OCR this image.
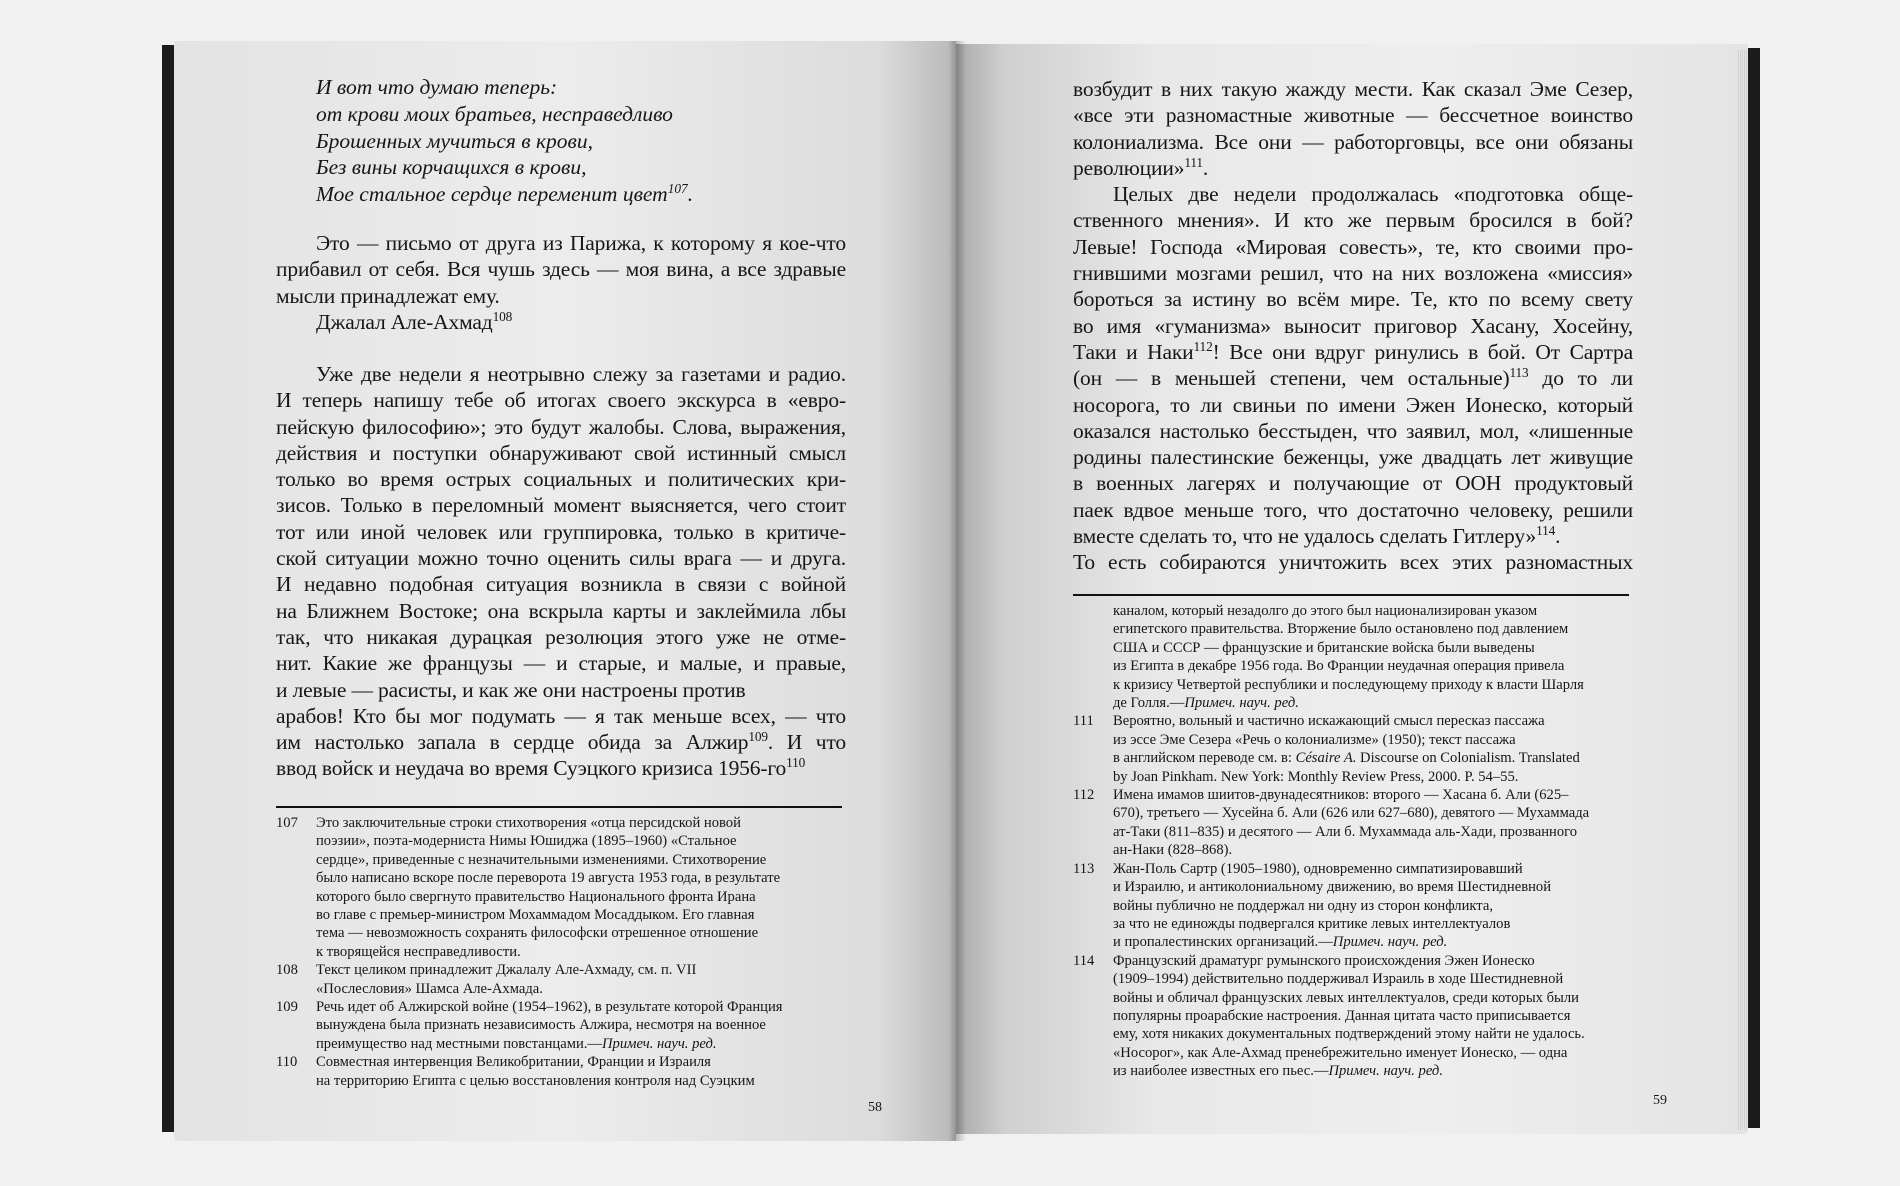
И вот что думаю теперь:
от крови моих братьев, несправедливо
Брошенных мучиться в крови,
Без вины корчащихся в крови,
Мое стальное сердце переменит цвет$^{107}$.

Это — письмо от друга из Парижа, к которому я кое-что

прибавил от себя. Вся чушь здесь — моя вина, а все здравые

мысли принадлежат ему.

Джалал Але-Ахмад$^{108}$

Уже две недели я неотрывно слежу за газетами и радио.

И теперь напишу тебе об итогах своего экскурса в «евро-

пейскую философию»; это будут жалобы. Слова, выражения,

действия и поступки обнаруживают свой истинный смысл

только во время острых социальных и политических кри-

зисов. Только в переломный момент выясняется, чего стоит

тот или иной человек или группировка, только в критиче-

ской ситуации можно точно оценить силы врага — и друга.

И недавно подобная ситуация возникла в связи с войной

на Ближнем Востоке; она вскрыла карты и заклеймила лбы

так, что никакая дурацкая резолюция этого уже не отме-

нит. Какие же французы — и старые, и малые, и правые,

и левые — расисты, и как же они настроены против

арабов! Кто бы мог подумать — я так меньше всех, — что

им настолько запала в сердце обида за Алжир$^{109}$. И что

ввод войск и неудача во время Суэцкого кризиса $1956-го^{110}$

107	Это заключительные строки стихотворения «отца персидской новой
поэзии», поэта-модерниста Нимы Юшиджа (1895–1960) «Стальное
сердце», приведенные с незначительными изменениями. Стихотворение
было написано вскоре после переворота 19 августа 1953 года, в результате
которого было свергнуто правительство Национального фронта Ирана
во главе с премьер-министром Мохаммадом Мосаддыком. Его главная
тема — невозможность сохранять философски отрешенное отношение
к творящейся несправедливости.
108	Текст целиком принадлежит Джалалу Але-Ахмаду, см. п. VII
«Послесловия» Шамса Але-Ахмада.
109	Речь идет об Алжирской войне (1954–1962), в результате которой Франция
вынуждена была признать независимость Алжира, несмотря на военное
преимущество над местными повстанцами.—Примеч. науч. ред.
110	Совместная интервенция Великобритании, Франции и Израиля
на территорию Египта с целью восстановления контроля над Суэцким
58

возбудит в них такую жажду мести. Как сказал Эме Сезер,

«все эти разномастные животные — бессчетное воинство

колониализма. Все они — работорговцы, все они обязаны

революции»$^{111}$.

Целых две недели продолжалась «подготовка обще-

ственного мнения». И кто же первым бросился в бой?

Левые! Господа «Мировая совесть», те, кто своими про-

гнившими мозгами решил, что на них возложена «миссия»

бороться за истину во всём мире. Те, кто по всему свету

во имя «гуманизма» выносит приговор Хасану, Хосейну,

Таки и Наки$^{112}$! Все они вдруг ринулись в бой. От Сартра

(он — в меньшей степени, чем остальные)$^{113}$ до то ли

носорога, то ли свиньи по имени Эжен Ионеско, который

оказался настолько бесстыден, что заявил, мол, «лишенные

родины палестинские беженцы, уже двадцать лет живущие

в военных лагерях и получающие от ООН продуктовый

паек вдвое меньше того, что достаточно человеку, решили

вместе сделать то, что не удалось сделать Гитлеру»$^{114}$.

То есть собираются уничтожить всех этих разномастных

каналом, который незадолго до этого был национализирован указом
египетского правительства. Вторжение было остановлено под давлением
США и СССР — французские и британские войска были выведены
из Египта в декабре 1956 года. Во Франции неудачная операция привела
к кризису Четвертой республики и последующему приходу к власти Шарля
де Голля.—Примеч. науч. ред.
111	Вероятно, вольный и частично искажающий смысл пересказ пассажа
из эссе Эме Сезера «Речь о колониализме» (1950); текст пассажа
в английском переводе см. в: Césaire A. Discourse on Colonialism. Translated
by Joan Pinkham. New York: Monthly Review Press, 2000. P. 54–55.
112	Имена имамов шиитов-двунадесятников: второго — Хасана б. Али (625–
670), третьего — Хусейна б. Али (626 или 627–680), девятого — Мухаммада
ат-Таки (811–835) и десятого — Али б. Мухаммада аль-Хади, прозванного
ан-Наки (828–868).
113	Жан-Поль Сартр (1905–1980), одновременно симпатизировавший
и Израилю, и антиколониальному движению, во время Шестидневной
войны публично не поддержал ни одну из сторон конфликта,
за что не единожды подвергался критике левых интеллектуалов
и пропалестинских организаций.—Примеч. науч. ред.
114	Французский драматург румынского происхождения Эжен Ионеско
(1909–1994) действительно поддерживал Израиль в ходе Шестидневной
войны и обличал французских левых интеллектуалов, среди которых были
популярны проарабские настроения. Данная цитата часто приписывается
ему, хотя никаких документальных подтверждений этому найти не удалось.
«Носорог», как Але-Ахмад пренебрежительно именует Ионеско, — одна
из наиболее известных его пьес.—Примеч. науч. ред.
59
